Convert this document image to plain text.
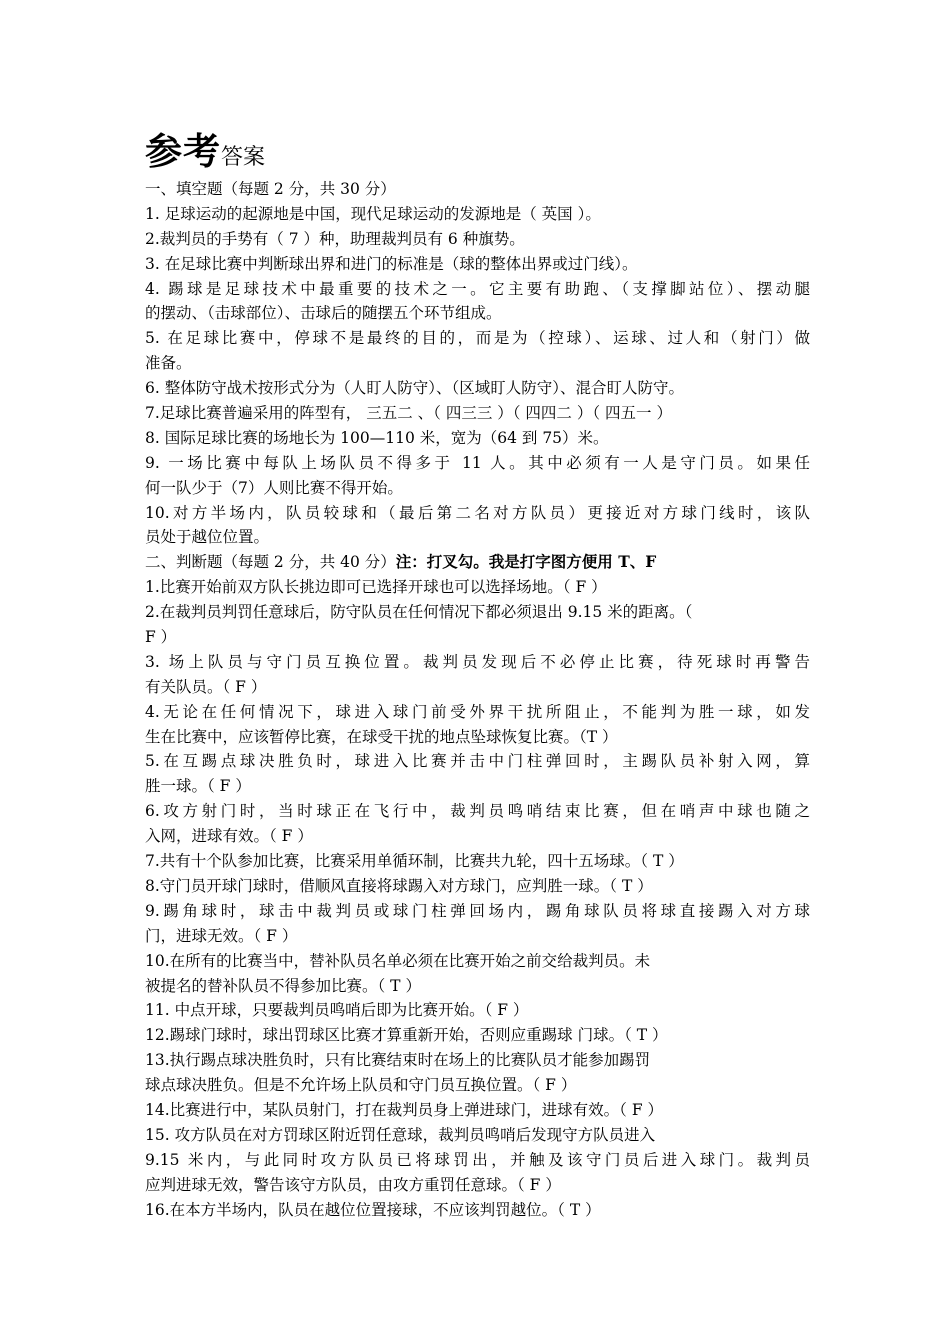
参考答案
一、填空题（每题 2 分，共 30 分）
1. 足球运动的起源地是中国，现代足球运动的发源地是（ 英国 ）。
2.裁判员的手势有（ 7 ）种，助理裁判员有 6 种旗势。
3. 在足球比赛中判断球出界和进门的标准是（球的整体出界或过门线）。
4. 踢球是足球技术中最重要的技术之一。它主要有助跑、（支撑脚站位）、摆动腿
的摆动、（击球部位）、击球后的随摆五个环节组成。
5. 在足球比赛中，停球不是最终的目的，而是为（控球）、运球、过人和（射门）做
准备。
6. 整体防守战术按形式分为（人盯人防守）、（区域盯人防守）、混合盯人防守。
7.足球比赛普遍采用的阵型有， 三五二 、（ 四三三 ）（ 四四二 ）（ 四五一 ）
8. 国际足球比赛的场地长为 100—110 米，宽为（64 到 75）米。
9. 一场比赛中每队上场队员不得多于 11 人。其中必须有一人是守门员。如果任
何一队少于（7）人则比赛不得开始。
10.对方半场内，队员较球和（最后第二名对方队员）更接近对方球门线时，该队
员处于越位位置。
二、判断题（每题 2 分，共 40 分）注：打叉勾。我是打字图方便用 T、F
1.比赛开始前双方队长挑边即可已选择开球也可以选择场地。（ F ）
2.在裁判员判罚任意球后，防守队员在任何情况下都必须退出 9.15 米的距离。（
F ）
3. 场上队员与守门员互换位置。裁判员发现后不必停止比赛，待死球时再警告
有关队员。（ F ）
4.无论在任何情况下，球进入球门前受外界干扰所阻止，不能判为胜一球，如发
生在比赛中，应该暂停比赛，在球受干扰的地点坠球恢复比赛。（T ）
5.在互踢点球决胜负时，球进入比赛并击中门柱弹回时，主踢队员补射入网，算
胜一球。（ F ）
6.攻方射门时，当时球正在飞行中，裁判员鸣哨结束比赛，但在哨声中球也随之
入网，进球有效。（ F ）
7.共有十个队参加比赛，比赛采用单循环制，比赛共九轮，四十五场球。（ T ）
8.守门员开球门球时，借顺风直接将球踢入对方球门，应判胜一球。（ T ）
9.踢角球时，球击中裁判员或球门柱弹回场内，踢角球队员将球直接踢入对方球
门，进球无效。（ F ）
10.在所有的比赛当中，替补队员名单必须在比赛开始之前交给裁判员。未
被提名的替补队员不得参加比赛。（ T ）
11. 中点开球，只要裁判员鸣哨后即为比赛开始。（ F ）
12.踢球门球时，球出罚球区比赛才算重新开始，否则应重踢球 门球。（ T ）
13.执行踢点球决胜负时，只有比赛结束时在场上的比赛队员才能参加踢罚
球点球决胜负。但是不允许场上队员和守门员互换位置。（ F ）
14.比赛进行中，某队员射门，打在裁判员身上弹进球门，进球有效。（ F ）
15. 攻方队员在对方罚球区附近罚任意球，裁判员鸣哨后发现守方队员进入
9.15 米内，与此同时攻方队员已将球罚出，并触及该守门员后进入球门。裁判员
应判进球无效，警告该守方队员，由攻方重罚任意球。（ F ）
16.在本方半场内，队员在越位位置接球，不应该判罚越位。（ T ）
